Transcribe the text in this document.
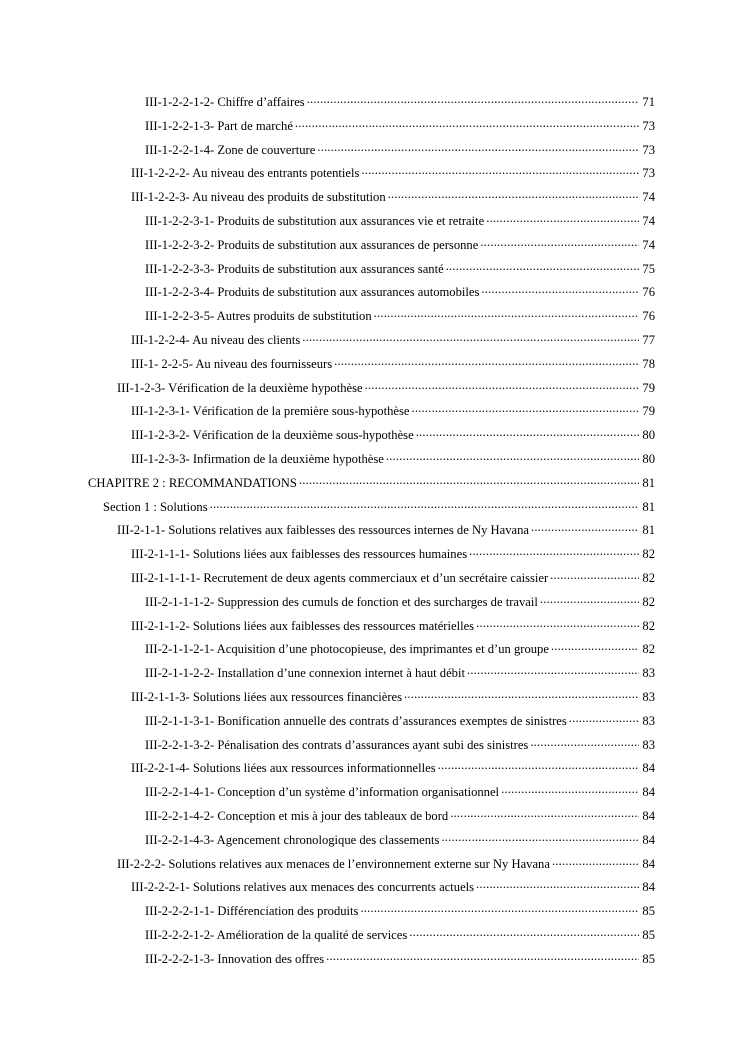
III-1-2-2-1-2- Chiffre d’affaires .....	71
III-1-2-2-1-3- Part de marché .....	73
III-1-2-2-1-4- Zone de couverture .....	73
III-1-2-2-2- Au niveau des entrants potentiels .....	73
III-1-2-2-3- Au niveau des produits de substitution .....	74
III-1-2-2-3-1- Produits de substitution aux assurances vie et retraite .....	74
III-1-2-2-3-2- Produits de substitution aux assurances de personne .....	74
III-1-2-2-3-3- Produits de substitution aux assurances santé .....	75
III-1-2-2-3-4- Produits de substitution aux assurances automobiles .....	76
III-1-2-2-3-5- Autres produits de substitution .....	76
III-1-2-2-4- Au niveau des clients .....	77
III-1- 2-2-5- Au niveau des fournisseurs .....	78
III-1-2-3- Vérification de la deuxième hypothèse .....	79
III-1-2-3-1- Vérification de la première sous-hypothèse .....	79
III-1-2-3-2- Vérification de la deuxième sous-hypothèse .....	80
III-1-2-3-3- Infirmation de la deuxième hypothèse .....	80
CHAPITRE 2 : RECOMMANDATIONS .....	81
Section 1 : Solutions .....	81
III-2-1-1- Solutions relatives aux faiblesses des ressources internes de Ny Havana .....	81
III-2-1-1-1- Solutions liées aux faiblesses des ressources humaines .....	82
III-2-1-1-1-1- Recrutement de deux agents commerciaux et d’un secrétaire caissier .....	82
III-2-1-1-1-2- Suppression des cumuls de fonction et des surcharges de travail .....	82
III-2-1-1-2- Solutions liées aux faiblesses des ressources matérielles .....	82
III-2-1-1-2-1- Acquisition d’une photocopieuse, des imprimantes et d’un groupe .....	82
III-2-1-1-2-2- Installation d’une connexion internet à haut débit .....	83
III-2-1-1-3- Solutions liées aux ressources financières .....	83
III-2-1-1-3-1- Bonification annuelle des contrats d’assurances exemptes de sinistres .....	83
III-2-2-1-3-2- Pénalisation des contrats d’assurances ayant subi des sinistres .....	83
III-2-2-1-4- Solutions liées aux ressources informationnelles .....	84
III-2-2-1-4-1- Conception d’un système d’information organisationnel .....	84
III-2-2-1-4-2- Conception et mis à jour des tableaux de bord .....	84
III-2-2-1-4-3- Agencement chronologique des classements .....	84
III-2-2-2- Solutions relatives aux menaces de l’environnement externe sur Ny Havana .....	84
III-2-2-2-1- Solutions relatives aux menaces des concurrents actuels .....	84
III-2-2-2-1-1- Différenciation des produits .....	85
III-2-2-2-1-2- Amélioration de la qualité de services .....	85
III-2-2-2-1-3- Innovation des offres .....	85
